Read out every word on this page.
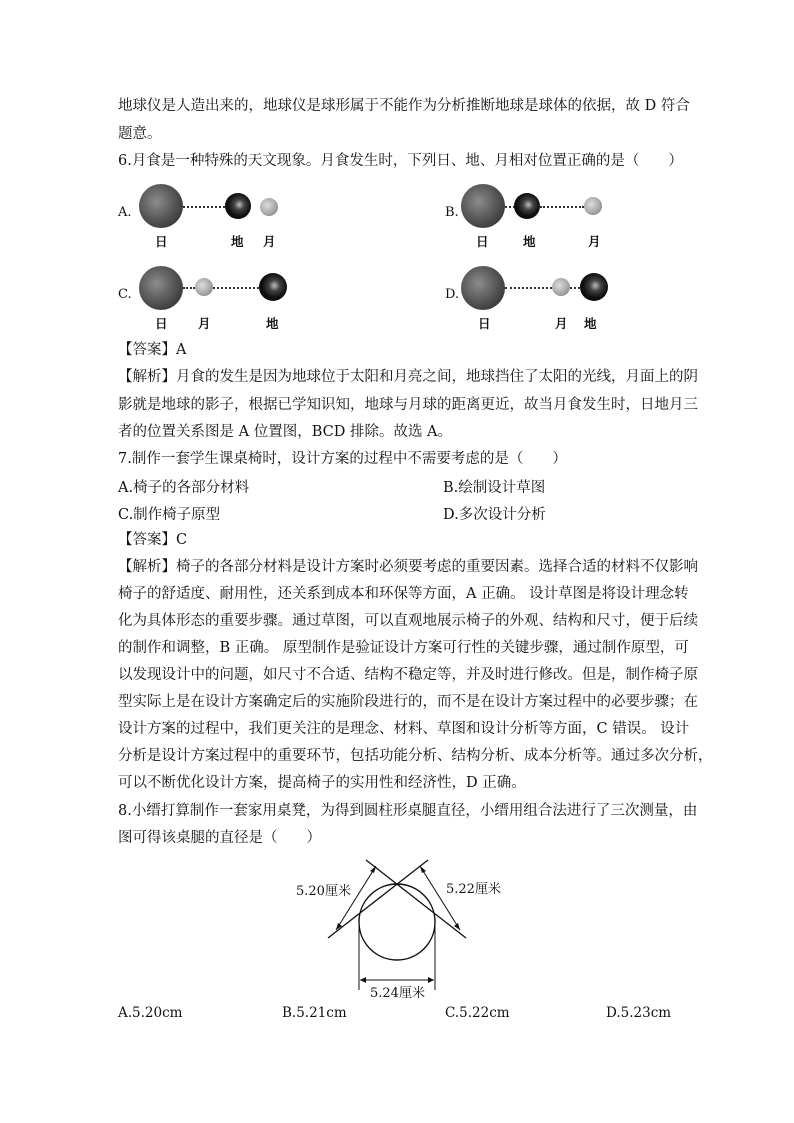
地球仪是人造出来的，地球仪是球形属于不能作为分析推断地球是球体的依据，故 D 符合
题意。
6.月食是一种特殊的天文现象。月食发生时，下列日、地、月相对位置正确的是（　　）
A.
日	地 月
B.
日	地	月
C.
日 月	地
D.
日	月 地
【答案】A
【解析】月食的发生是因为地球位于太阳和月亮之间，地球挡住了太阳的光线，月面上的阴
影就是地球的影子，根据已学知识知，地球与月球的距离更近，故当月食发生时，日地月三
者的位置关系图是 A 位置图，BCD 排除。故选 A。
7.制作一套学生课桌椅时，设计方案的过程中不需要考虑的是（　　）
A.椅子的各部分材料	B.绘制设计草图
C.制作椅子原型	D.多次设计分析
【答案】C
【解析】椅子的各部分材料是设计方案时必须要考虑的重要因素。选择合适的材料不仅影响
椅子的舒适度、耐用性，还关系到成本和环保等方面，A 正确。 设计草图是将设计理念转
化为具体形态的重要步骤。通过草图，可以直观地展示椅子的外观、结构和尺寸，便于后续
的制作和调整，B 正确。 原型制作是验证设计方案可行性的关键步骤，通过制作原型，可
以发现设计中的问题，如尺寸不合适、结构不稳定等，并及时进行修改。但是，制作椅子原
型实际上是在设计方案确定后的实施阶段进行的，而不是在设计方案过程中的必要步骤；在
设计方案的过程中，我们更关注的是理念、材料、草图和设计分析等方面，C 错误。 设计
分析是设计方案过程中的重要环节，包括功能分析、结构分析、成本分析等。通过多次分析，
可以不断优化设计方案，提高椅子的实用性和经济性，D 正确。
8.小缙打算制作一套家用桌凳，为得到圆柱形桌腿直径，小缙用组合法进行了三次测量，由
图可得该桌腿的直径是（　　）
5.20厘米	5.22厘米
5.24厘米
A.5.20cm	B.5.21cm	C.5.22cm	D.5.23cm
